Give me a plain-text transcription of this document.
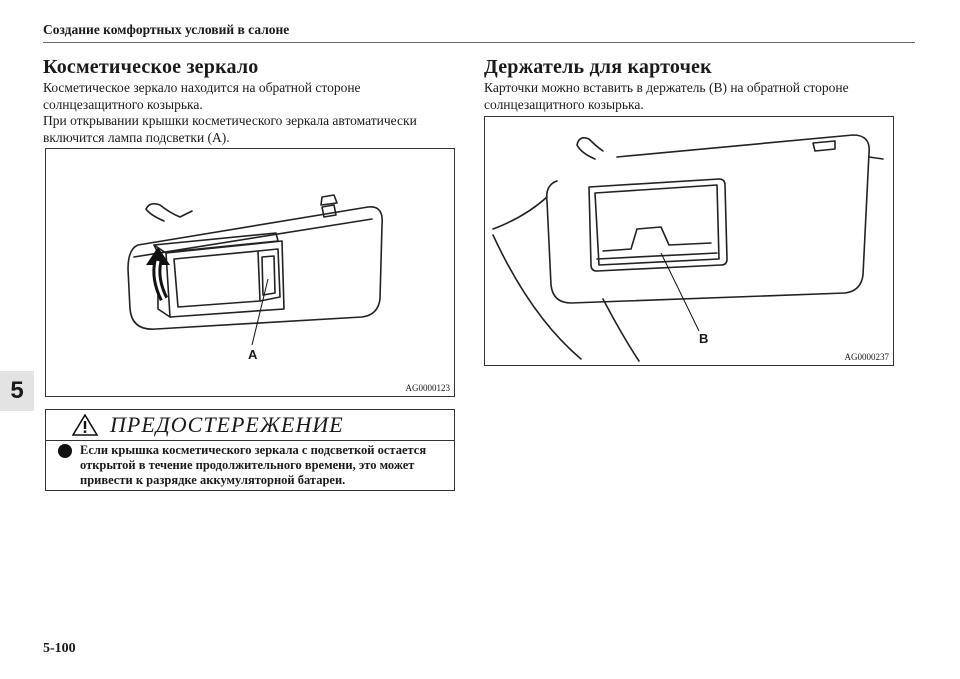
Создание комфортных условий в салоне
5
Косметическое зеркало
Косметическое зеркало находится на обратной стороне
солнцезащитного козырька.
При открывании крышки косметического зеркала автоматически
включится лампа подсветки (A).
A
AG0000123
ПРЕДОСТЕРЕЖЕНИЕ
Если крышка косметического зеркала с подсветкой остается
открытой в течение продолжительного времени, это может
привести к разрядке аккумуляторной батареи.
Держатель для карточек
Карточки можно вставить в держатель (B) на обратной стороне
солнцезащитного козырька.
B
AG0000237
5-100
